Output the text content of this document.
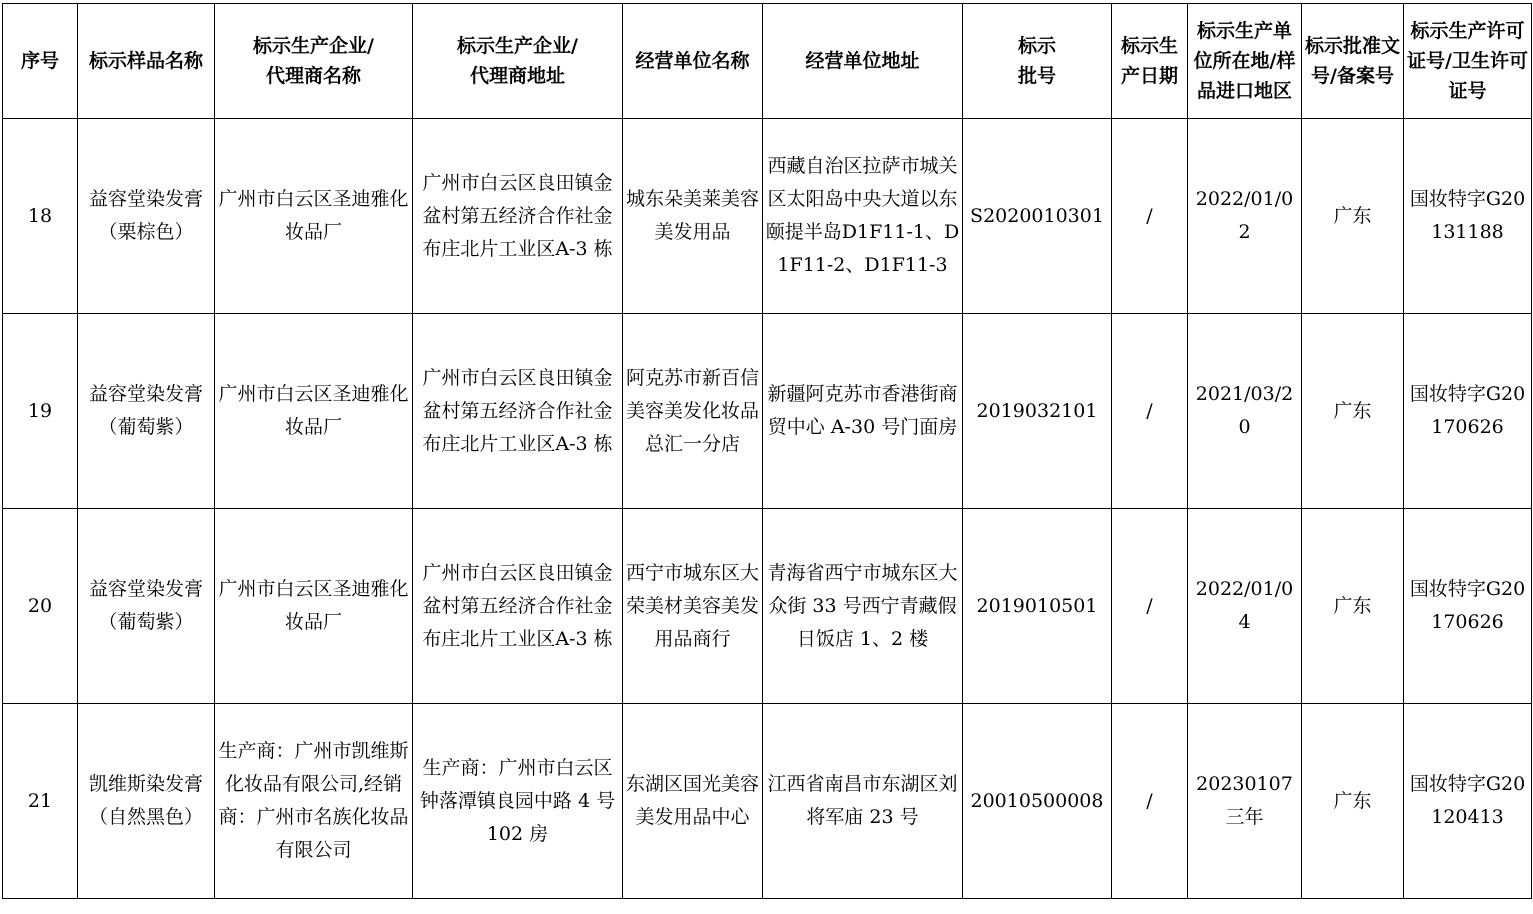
序号	标示样品名称	标示生产企业/代理商名称	标示生产企业/代理商地址	经营单位名称	经营单位地址	标示批号	标示生产日期	标示生产单位所在地/样品进口地区	标示批准文号/备案号	标示生产许可证号/卫生许可证号
18	益容堂染发膏（栗棕色）	广州市白云区圣迪雅化妆品厂	广州市白云区良田镇金盆村第五经济合作社金布庄北片工业区A-3 栋	城东朵美莱美容美发用品	西藏自治区拉萨市城关区太阳岛中央大道以东颐提半岛D1F11-1、D1F11-2、D1F11-3	S2020010301	/	2022/01/02	广东	国妆特字G20131188
19	益容堂染发膏（葡萄紫）	广州市白云区圣迪雅化妆品厂	广州市白云区良田镇金盆村第五经济合作社金布庄北片工业区A-3 栋	阿克苏市新百信美容美发化妆品总汇一分店	新疆阿克苏市香港街商贸中心 A-30 号门面房	2019032101	/	2021/03/20	广东	国妆特字G20170626
20	益容堂染发膏（葡萄紫）	广州市白云区圣迪雅化妆品厂	广州市白云区良田镇金盆村第五经济合作社金布庄北片工业区A-3 栋	西宁市城东区大荣美材美容美发用品商行	青海省西宁市城东区大众街 33 号西宁青藏假日饭店 1、2 楼	2019010501	/	2022/01/04	广东	国妆特字G20170626
21	凯维斯染发膏（自然黑色）	生产商：广州市凯维斯化妆品有限公司,经销商：广州市名族化妆品有限公司	生产商：广州市白云区钟落潭镇良园中路 4 号102 房	东湖区国光美容美发用品中心	江西省南昌市东湖区刘将军庙 23 号	20010500008	/	20230107三年	广东	国妆特字G20120413
